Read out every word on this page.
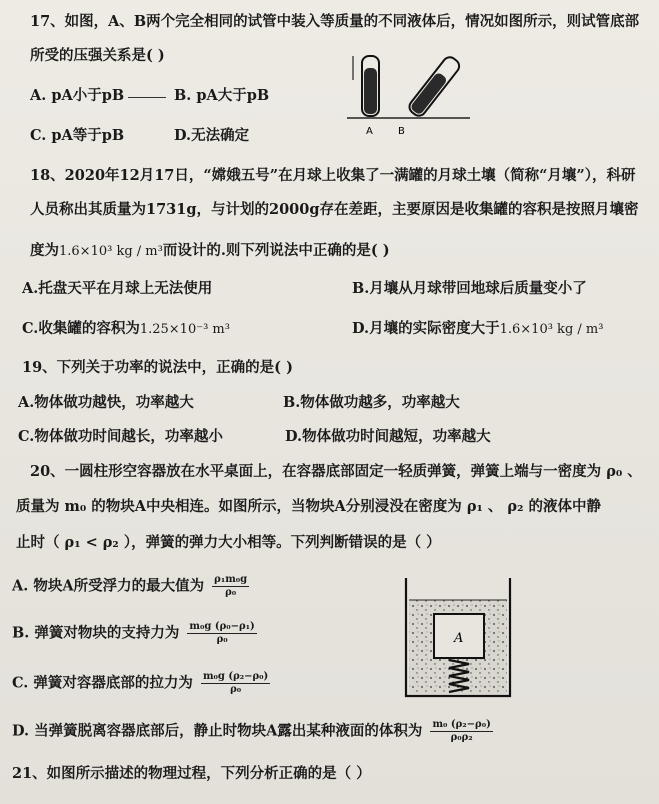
17、如图，A、B两个完全相同的试管中装入等质量的不同液体后，情况如图所示，则试管底部
所受的压强关系是( )
A. pA小于pB	B. pA大于pB
C. pA等于pB	D.无法确定	A	B
18、2020年12月17日，“嫦娥五号”在月球上收集了一满罐的月球土壤（简称“月壤”），科研
人员称出其质量为1731g，与计划的2000g存在差距，主要原因是收集罐的容积是按照月壤密
度为1.6×10³ kg / m³而设计的.则下列说法中正确的是( )
A.托盘天平在月球上无法使用	B.月壤从月球带回地球后质量变小了
C.收集罐的容积为1.25×10⁻³ m³	D.月壤的实际密度大于1.6×10³ kg / m³
19、下列关于功率的说法中，正确的是( )
A.物体做功越快，功率越大	B.物体做功越多，功率越大
C.物体做功时间越长，功率越小	D.物体做功时间越短，功率越大
20、一圆柱形空容器放在水平桌面上，在容器底部固定一轻质弹簧，弹簧上端与一密度为 ρ₀ 、
质量为 m₀ 的物块A中央相连。如图所示，当物块A分别浸没在密度为 ρ₁ 、 ρ₂ 的液体中静
止时（ ρ₁ < ρ₂ ），弹簧的弹力大小相等。下列判断错误的是（ ）
A. 物块A所受浮力的最大值为 $\frac{\text{ρ₁m₀g}}{\text{ρ₀}}$
B. 弹簧对物块的支持力为 $\frac{\text{m₀g (ρ₀−ρ₁)}}{\text{ρ₀}}$
C. 弹簧对容器底部的拉力为 $\frac{\text{m₀g (ρ₂−ρ₀)}}{\text{ρ₀}}$
D. 当弹簧脱离容器底部后，静止时物块A露出某种液面的体积为 $\frac{\text{m₀ (ρ₂−ρ₀)}}{\text{ρ₀ρ₂}}$
A
21、如图所示描述的物理过程，下列分析正确的是（ ）
